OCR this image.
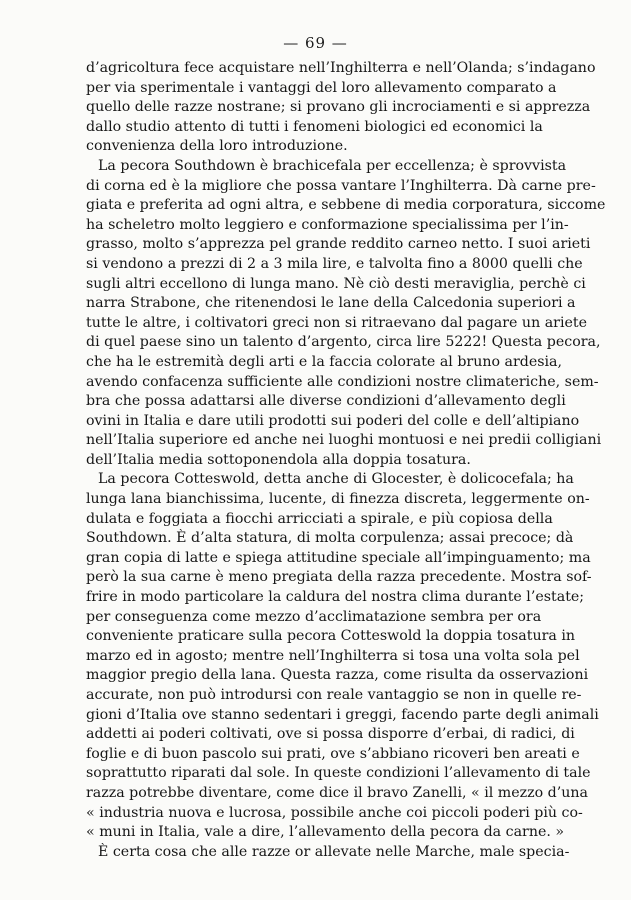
— 69 —
d’agricoltura fece acquistare nell’Inghilterra e nell’Olanda; s’indagano
per via sperimentale i vantaggi del loro allevamento comparato a
quello delle razze nostrane; si provano gli incrociamenti e si apprezza
dallo studio attento di tutti i fenomeni biologici ed economici la
convenienza della loro introduzione.
La pecora Southdown è brachicefala per eccellenza; è sprovvista
di corna ed è la migliore che possa vantare l’Inghilterra. Dà carne pre-
giata e preferita ad ogni altra, e sebbene di media corporatura, siccome
ha scheletro molto leggiero e conformazione specialissima per l’in-
grasso, molto s’apprezza pel grande reddito carneo netto. I suoi arieti
si vendono a prezzi di 2 a 3 mila lire, e talvolta fino a 8000 quelli che
sugli altri eccellono di lunga mano. Nè ciò desti meraviglia, perchè ci
narra Strabone, che ritenendosi le lane della Calcedonia superiori a
tutte le altre, i coltivatori greci non si ritraevano dal pagare un ariete
di quel paese sino un talento d’argento, circa lire 5222! Questa pecora,
che ha le estremità degli arti e la faccia colorate al bruno ardesia,
avendo confacenza sufficiente alle condizioni nostre climateriche, sem-
bra che possa adattarsi alle diverse condizioni d’allevamento degli
ovini in Italia e dare utili prodotti sui poderi del colle e dell’altipiano
nell’Italia superiore ed anche nei luoghi montuosi e nei predii colligiani
dell’Italia media sottoponendola alla doppia tosatura.
La pecora Cotteswold, detta anche di Glocester, è dolicocefala; ha
lunga lana bianchissima, lucente, di finezza discreta, leggermente on-
dulata e foggiata a fiocchi arricciati a spirale, e più copiosa della
Southdown. È d’alta statura, di molta corpulenza; assai precoce; dà
gran copia di latte e spiega attitudine speciale all’impinguamento; ma
però la sua carne è meno pregiata della razza precedente. Mostra sof-
frire in modo particolare la caldura del nostra clima durante l’estate;
per conseguenza come mezzo d’acclimatazione sembra per ora
conveniente praticare sulla pecora Cotteswold la doppia tosatura in
marzo ed in agosto; mentre nell’Inghilterra si tosa una volta sola pel
maggior pregio della lana. Questa razza, come risulta da osservazioni
accurate, non può introdursi con reale vantaggio se non in quelle re-
gioni d’Italia ove stanno sedentari i greggi, facendo parte degli animali
addetti ai poderi coltivati, ove si possa disporre d’erbai, di radici, di
foglie e di buon pascolo sui prati, ove s’abbiano ricoveri ben areati e
soprattutto riparati dal sole. In queste condizioni l’allevamento di tale
razza potrebbe diventare, come dice il bravo Zanelli, « il mezzo d’una
« industria nuova e lucrosa, possibile anche coi piccoli poderi più co-
« muni in Italia, vale a dire, l’allevamento della pecora da carne. »
È certa cosa che alle razze or allevate nelle Marche, male specia-
